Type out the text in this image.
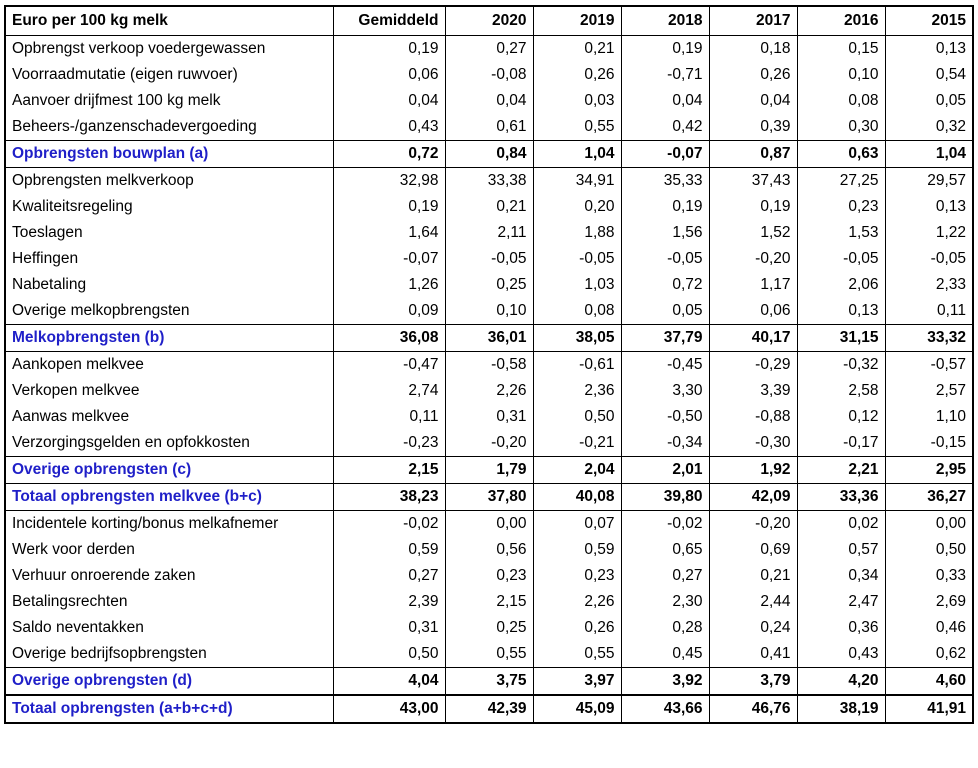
Euro per 100 kg melk	Gemiddeld	2020	2019	2018	2017	2016	2015
Opbrengst verkoop voedergewassen	0,19	0,27	0,21	0,19	0,18	0,15	0,13
Voorraadmutatie (eigen ruwvoer)	0,06	-0,08	0,26	-0,71	0,26	0,10	0,54
Aanvoer drijfmest 100 kg melk	0,04	0,04	0,03	0,04	0,04	0,08	0,05
Beheers-/ganzenschadevergoeding	0,43	0,61	0,55	0,42	0,39	0,30	0,32
Opbrengsten bouwplan (a)	0,72	0,84	1,04	-0,07	0,87	0,63	1,04
Opbrengsten melkverkoop	32,98	33,38	34,91	35,33	37,43	27,25	29,57
Kwaliteitsregeling	0,19	0,21	0,20	0,19	0,19	0,23	0,13
Toeslagen	1,64	2,11	1,88	1,56	1,52	1,53	1,22
Heffingen	-0,07	-0,05	-0,05	-0,05	-0,20	-0,05	-0,05
Nabetaling	1,26	0,25	1,03	0,72	1,17	2,06	2,33
Overige melkopbrengsten	0,09	0,10	0,08	0,05	0,06	0,13	0,11
Melkopbrengsten (b)	36,08	36,01	38,05	37,79	40,17	31,15	33,32
Aankopen melkvee	-0,47	-0,58	-0,61	-0,45	-0,29	-0,32	-0,57
Verkopen melkvee	2,74	2,26	2,36	3,30	3,39	2,58	2,57
Aanwas melkvee	0,11	0,31	0,50	-0,50	-0,88	0,12	1,10
Verzorgingsgelden en opfokkosten	-0,23	-0,20	-0,21	-0,34	-0,30	-0,17	-0,15
Overige opbrengsten (c)	2,15	1,79	2,04	2,01	1,92	2,21	2,95
Totaal opbrengsten melkvee (b+c)	38,23	37,80	40,08	39,80	42,09	33,36	36,27
Incidentele korting/bonus melkafnemer	-0,02	0,00	0,07	-0,02	-0,20	0,02	0,00
Werk voor derden	0,59	0,56	0,59	0,65	0,69	0,57	0,50
Verhuur onroerende zaken	0,27	0,23	0,23	0,27	0,21	0,34	0,33
Betalingsrechten	2,39	2,15	2,26	2,30	2,44	2,47	2,69
Saldo neventakken	0,31	0,25	0,26	0,28	0,24	0,36	0,46
Overige bedrijfsopbrengsten	0,50	0,55	0,55	0,45	0,41	0,43	0,62
Overige opbrengsten (d)	4,04	3,75	3,97	3,92	3,79	4,20	4,60
Totaal opbrengsten (a+b+c+d)	43,00	42,39	45,09	43,66	46,76	38,19	41,91
